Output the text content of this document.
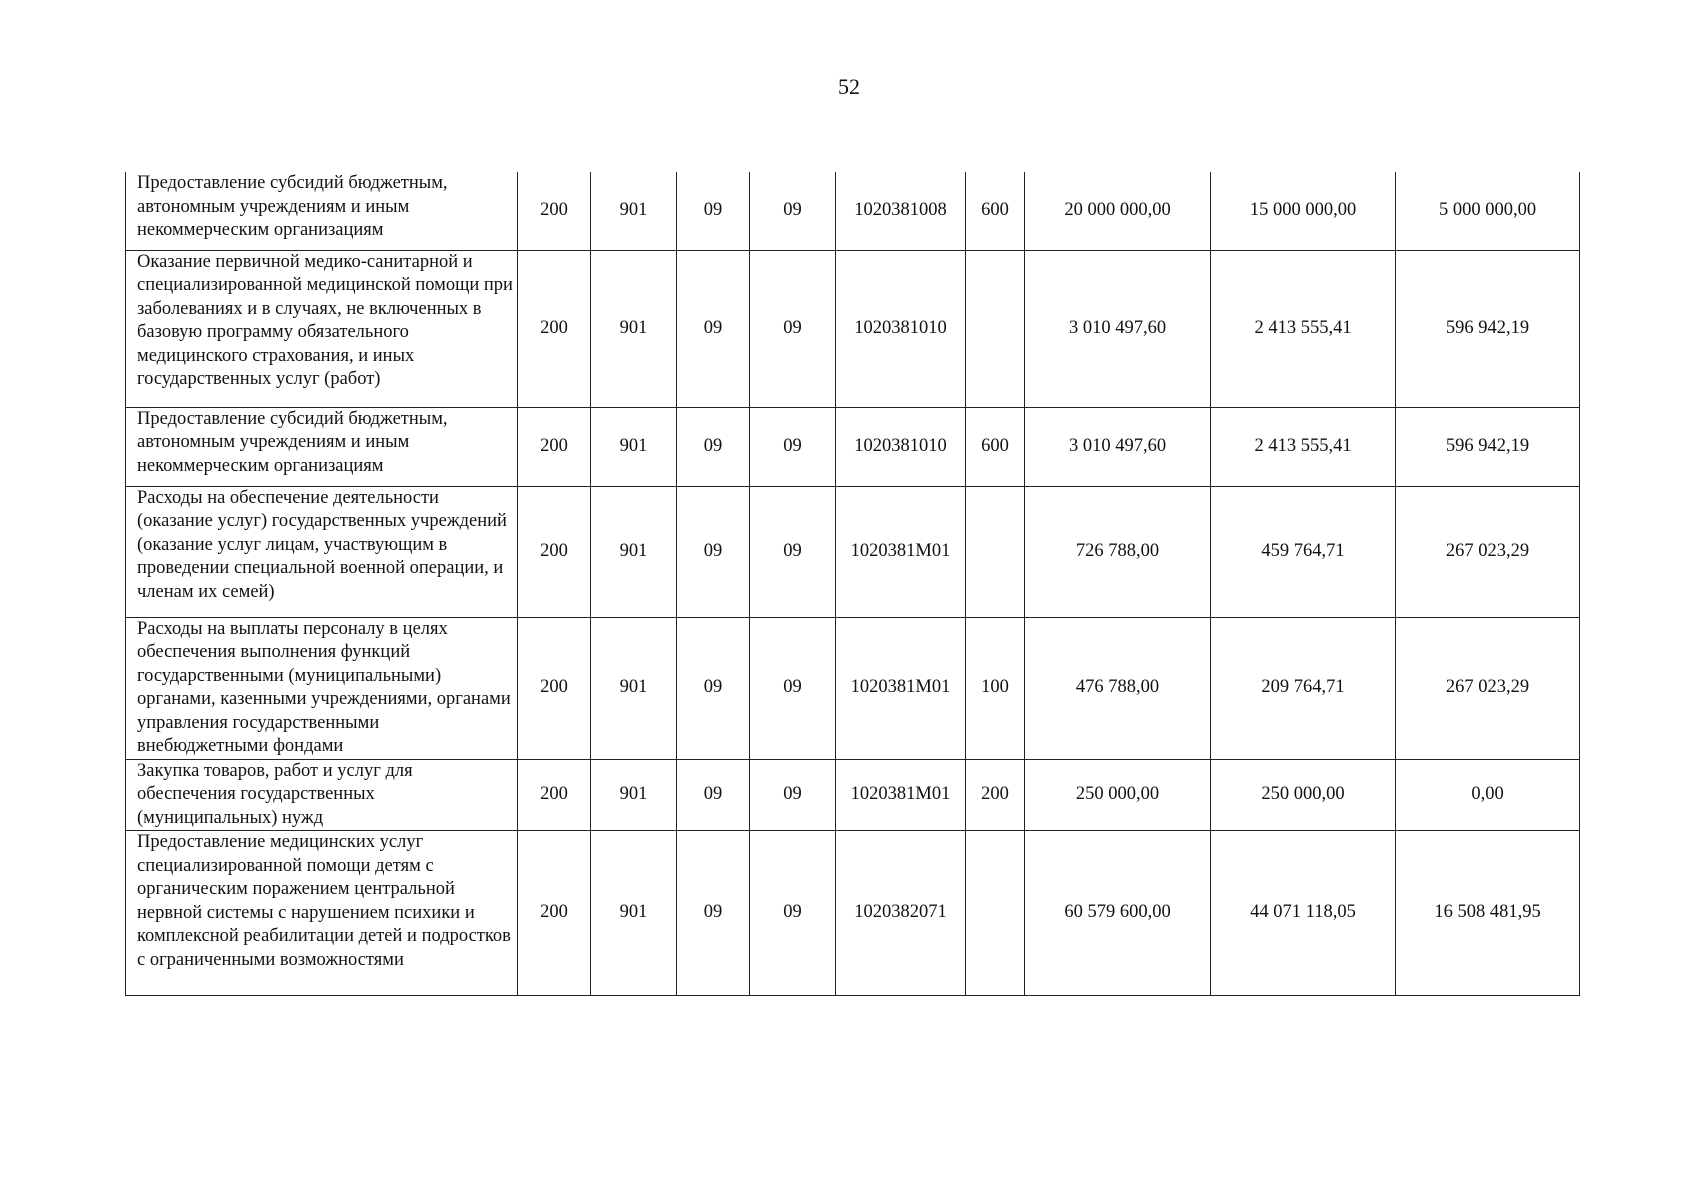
52
Предоставление субсидий бюджетным, автономным учреждениям и иным некоммерческим организациям	200	901	09	09	1020381008	600	20 000 000,00	15 000 000,00	5 000 000,00
Оказание первичной медико-санитарной и специализированной медицинской помощи при заболеваниях и в случаях, не включенных в базовую программу обязательного медицинского страхования, и иных государственных услуг (работ)	200	901	09	09	1020381010		3 010 497,60	2 413 555,41	596 942,19
Предоставление субсидий бюджетным, автономным учреждениям и иным некоммерческим организациям	200	901	09	09	1020381010	600	3 010 497,60	2 413 555,41	596 942,19
Расходы на обеспечение деятельности (оказание услуг) государственных учреждений (оказание услуг лицам, участвующим в проведении специальной военной операции, и членам их семей)	200	901	09	09	1020381M01		726 788,00	459 764,71	267 023,29
Расходы на выплаты персоналу в целях обеспечения выполнения функций государственными (муниципальными) органами, казенными учреждениями, органами управления государственными внебюджетными фондами	200	901	09	09	1020381M01	100	476 788,00	209 764,71	267 023,29
Закупка товаров, работ и услуг для обеспечения государственных (муниципальных) нужд	200	901	09	09	1020381M01	200	250 000,00	250 000,00	0,00
Предоставление медицинских услуг специализированной помощи детям с органическим поражением центральной нервной системы с нарушением психики и комплексной реабилитации детей и подростков с ограниченными возможностями	200	901	09	09	1020382071		60 579 600,00	44 071 118,05	16 508 481,95
